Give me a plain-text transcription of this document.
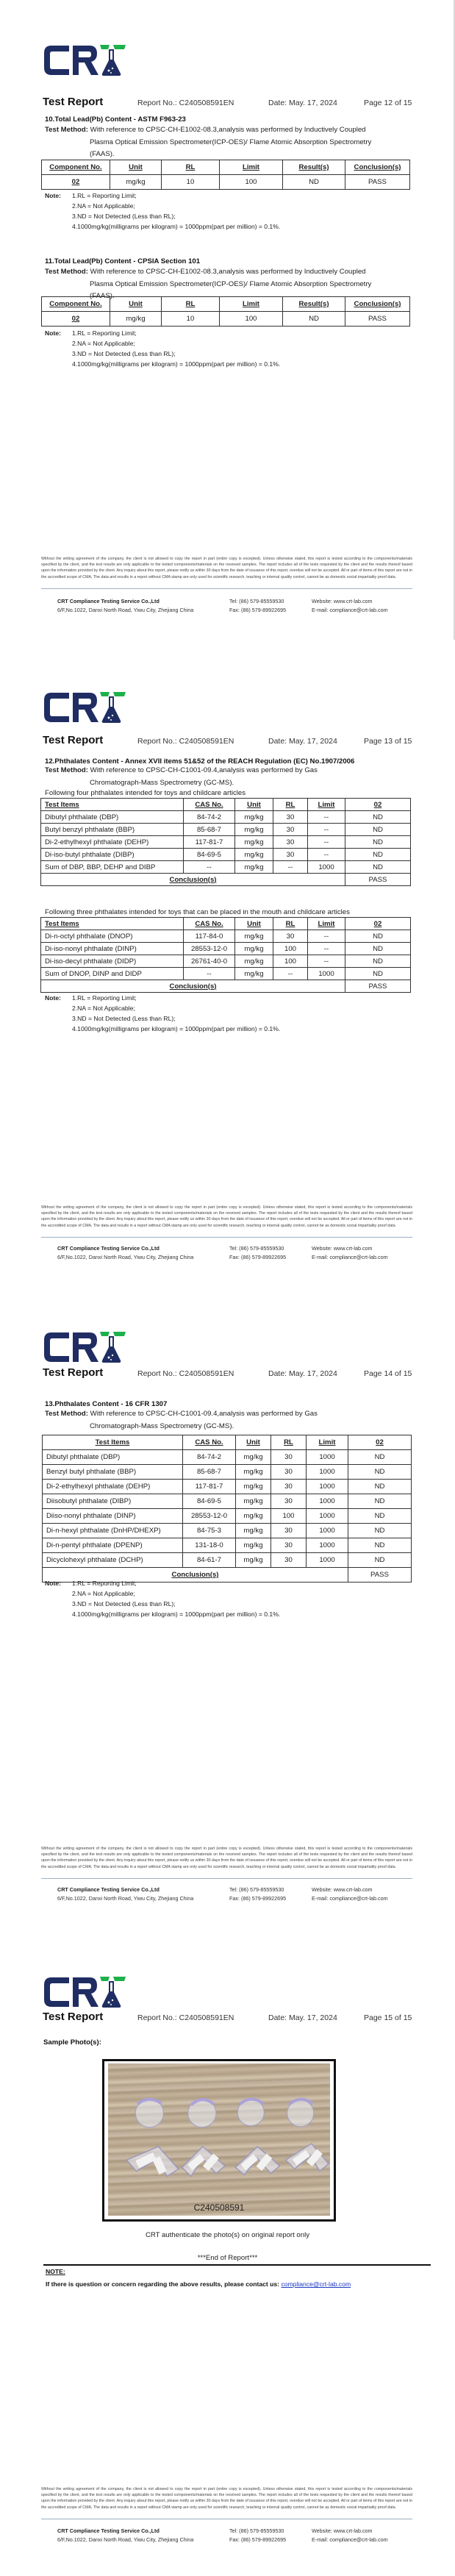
Test Report	Report No.: C240508591EN	Date: May. 17, 2024	Page 12 of 15
10.Total Lead(Pb) Content - ASTM F963-23
Test Method: With reference to CPSC-CH-E1002-08.3,analysis was performed by Inductively Coupled
Plasma Optical Emission Spectrometer(ICP-OES)/ Flame Atomic Absorption Spectrometry
(FAAS).
Component No.	Unit	RL	Limit	Result(s)	Conclusion(s)
02	mg/kg	10	100	ND	PASS
Note: 1.RL = Reporting Limit;
2.NA = Not Applicable;
3.ND = Not Detected (Less than RL);
4.1000mg/kg(milligrams per kilogram) = 1000ppm(part per million) = 0.1%.
11.Total Lead(Pb) Content - CPSIA Section 101
Test Method: With reference to CPSC-CH-E1002-08.3,analysis was performed by Inductively Coupled
Plasma Optical Emission Spectrometer(ICP-OES)/ Flame Atomic Absorption Spectrometry
(FAAS).
Component No.	Unit	RL	Limit	Result(s)	Conclusion(s)
02	mg/kg	10	100	ND	PASS
Note: 1.RL = Reporting Limit;
2.NA = Not Applicable;
3.ND = Not Detected (Less than RL);
4.1000mg/kg(milligrams per kilogram) = 1000ppm(part per million) = 0.1%.
Without the writing agreement of the company, the client is not allowed to copy the report in part (entire copy is excepted). Unless otherwise stated, this report is tested according to the components/materials specified by the client, and the test results are only applicable to the tested components/materials on the received samples. The report includes all of the tests requested by the client and the results thereof based upon the information provided by the client. Any inquiry about this report, please notify us within 30 days from the date of issuance of this report, overdue will not be accepted. All or part of items of this report are not in the accredited scope of CMA, The data and results in a report without CMA stamp are only used for scientific research, teaching or internal quality control, cannot be as domestic social impartiality proof data.
CRT Compliance Testing Service Co.,Ltd
6/F,No.1022, Danxi North Road, Yiwu City, Zhejiang China
Tel: (86) 579-85559530
Fax: (86) 579-89922695
Website: www.crt-lab.com
E-mail: compliance@crt-lab.com
Test Report	Report No.: C240508591EN	Date: May. 17, 2024	Page 13 of 15
12.Phthalates Content - Annex XVII items 51&52 of the REACH Regulation (EC) No.1907/2006
Test Method: With reference to CPSC-CH-C1001-09.4,analysis was performed by Gas
Chromatograph-Mass Spectrometry (GC-MS).
Following four phthalates intended for toys and childcare articles
Test Items	CAS No.	Unit	RL	Limit	02
Dibutyl phthalate (DBP)	84-74-2	mg/kg	30	--	ND
Butyl benzyl phthalate (BBP)	85-68-7	mg/kg	30	--	ND
Di-2-ethylhexyl phthalate (DEHP)	117-81-7	mg/kg	30	--	ND
Di-iso-butyl phthalate (DIBP)	84-69-5	mg/kg	30	--	ND
Sum of DBP, BBP, DEHP and DIBP	--	mg/kg	--	1000	ND
Conclusion(s)					PASS
Following three phthalates intended for toys that can be placed in the mouth and childcare articles
Test Items	CAS No.	Unit	RL	Limit	02
Di-n-octyl phthalate (DNOP)	117-84-0	mg/kg	30	--	ND
Di-iso-nonyl phthalate (DINP)	28553-12-0	mg/kg	100	--	ND
Di-iso-decyl phthalate (DIDP)	26761-40-0	mg/kg	100	--	ND
Sum of DNOP, DINP and DIDP	--	mg/kg	--	1000	ND
Conclusion(s)					PASS
Note: 1.RL = Reporting Limit;
2.NA = Not Applicable;
3.ND = Not Detected (Less than RL);
4.1000mg/kg(milligrams per kilogram) = 1000ppm(part per million) = 0.1%.
Without the writing agreement of the company, the client is not allowed to copy the report in part (entire copy is excepted). Unless otherwise stated, this report is tested according to the components/materials specified by the client, and the test results are only applicable to the tested components/materials on the received samples. The report includes all of the tests requested by the client and the results thereof based upon the information provided by the client. Any inquiry about this report, please notify us within 30 days from the date of issuance of this report, overdue will not be accepted. All or part of items of this report are not in the accredited scope of CMA, The data and results in a report without CMA stamp are only used for scientific research, teaching or internal quality control, cannot be as domestic social impartiality proof data.
CRT Compliance Testing Service Co.,Ltd
6/F,No.1022, Danxi North Road, Yiwu City, Zhejiang China
Tel: (86) 579-85559530
Fax: (86) 579-89922695
Website: www.crt-lab.com
E-mail: compliance@crt-lab.com
Test Report	Report No.: C240508591EN	Date: May. 17, 2024	Page 14 of 15
13.Phthalates Content - 16 CFR 1307
Test Method: With reference to CPSC-CH-C1001-09.4,analysis was performed by Gas
Chromatograph-Mass Spectrometry (GC-MS).
Test Items	CAS No.	Unit	RL	Limit	02
Dibutyl phthalate (DBP)	84-74-2	mg/kg	30	1000	ND
Benzyl butyl phthalate (BBP)	85-68-7	mg/kg	30	1000	ND
Di-2-ethylhexyl phthalate (DEHP)	117-81-7	mg/kg	30	1000	ND
Diisobutyl phthalate (DIBP)	84-69-5	mg/kg	30	1000	ND
Diiso-nonyl phthalate (DINP)	28553-12-0	mg/kg	100	1000	ND
Di-n-hexyl phthalate (DnHP/DHEXP)	84-75-3	mg/kg	30	1000	ND
Di-n-pentyl phthalate (DPENP)	131-18-0	mg/kg	30	1000	ND
Dicyclohexyl phthalate (DCHP)	84-61-7	mg/kg	30	1000	ND
Conclusion(s)					PASS
Note: 1.RL = Reporting Limit;
2.NA = Not Applicable;
3.ND = Not Detected (Less than RL);
4.1000mg/kg(milligrams per kilogram) = 1000ppm(part per million) = 0.1%.
Without the writing agreement of the company, the client is not allowed to copy the report in part (entire copy is excepted). Unless otherwise stated, this report is tested according to the components/materials specified by the client, and the test results are only applicable to the tested components/materials on the received samples. The report includes all of the tests requested by the client and the results thereof based upon the information provided by the client. Any inquiry about this report, please notify us within 30 days from the date of issuance of this report, overdue will not be accepted. All or part of items of this report are not in the accredited scope of CMA, The data and results in a report without CMA stamp are only used for scientific research, teaching or internal quality control, cannot be as domestic social impartiality proof data.
CRT Compliance Testing Service Co.,Ltd
6/F,No.1022, Danxi North Road, Yiwu City, Zhejiang China
Tel: (86) 579-85559530
Fax: (86) 579-89922695
Website: www.crt-lab.com
E-mail: compliance@crt-lab.com
Test Report	Report No.: C240508591EN	Date: May. 17, 2024	Page 15 of 15
Sample Photo(s):
C240508591
CRT authenticate the photo(s) on original report only
***End of Report***
NOTE:
If there is question or concern regarding the above results, please contact us: compliance@crt-lab.com
Without the writing agreement of the company, the client is not allowed to copy the report in part (entire copy is excepted). Unless otherwise stated, this report is tested according to the components/materials specified by the client, and the test results are only applicable to the tested components/materials on the received samples. The report includes all of the tests requested by the client and the results thereof based upon the information provided by the client. Any inquiry about this report, please notify us within 30 days from the date of issuance of this report, overdue will not be accepted. All or part of items of this report are not in the accredited scope of CMA, The data and results in a report without CMA stamp are only used for scientific research, teaching or internal quality control, cannot be as domestic social impartiality proof data.
CRT Compliance Testing Service Co.,Ltd
6/F,No.1022, Danxi North Road, Yiwu City, Zhejiang China
Tel: (86) 579-85559530
Fax: (86) 579-89922695
Website: www.crt-lab.com
E-mail: compliance@crt-lab.com
